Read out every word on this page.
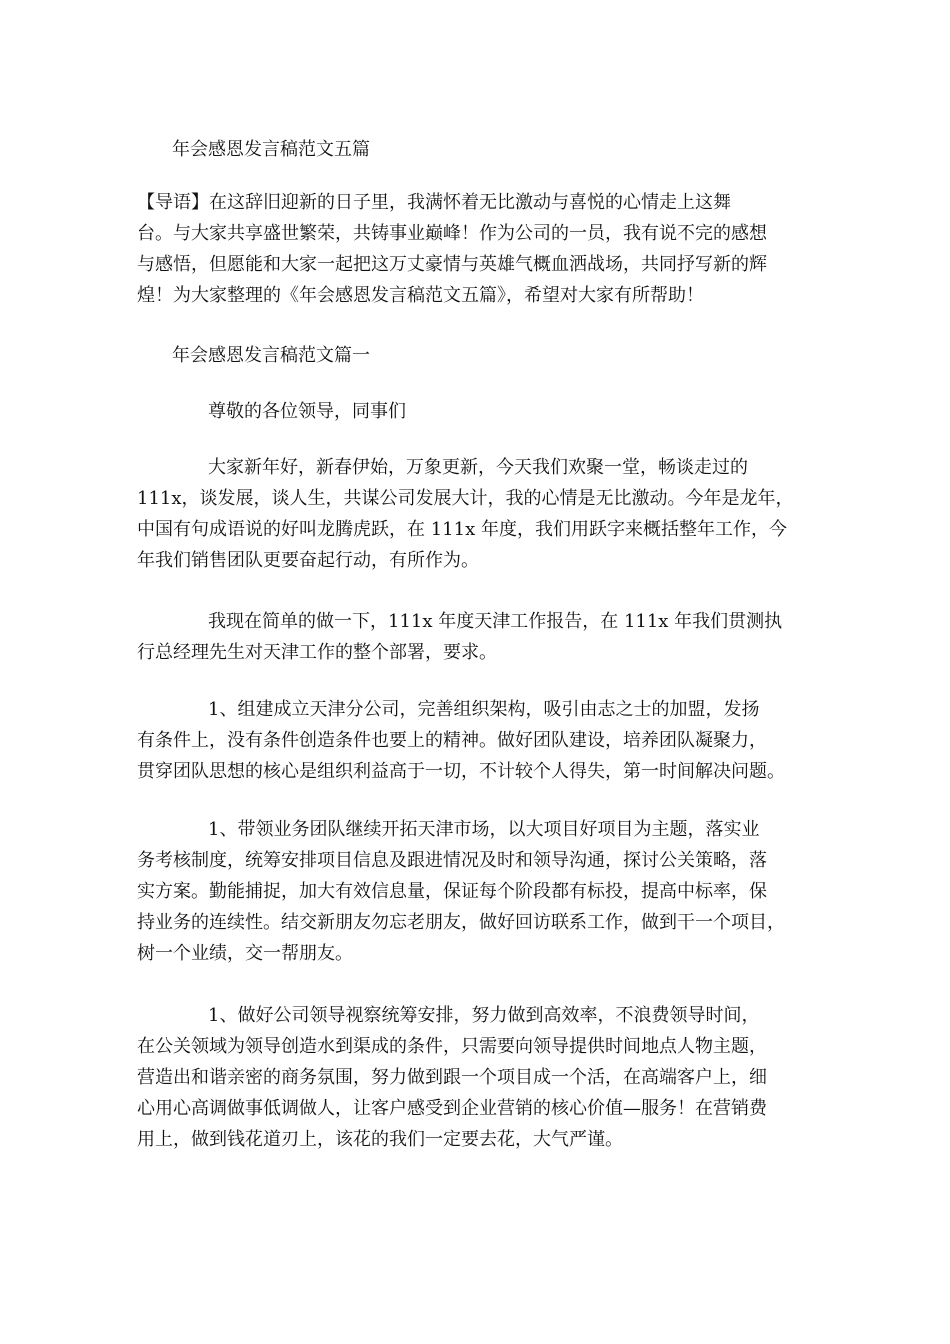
年会感恩发言稿范文五篇
【导语】在这辞旧迎新的日子里，我满怀着无比激动与喜悦的心情走上这舞
台。与大家共享盛世繁荣，共铸事业巅峰！作为公司的一员，我有说不完的感想
与感悟，但愿能和大家一起把这万丈豪情与英雄气概血洒战场，共同抒写新的辉
煌！为大家整理的《年会感恩发言稿范文五篇》，希望对大家有所帮助！
年会感恩发言稿范文篇一
尊敬的各位领导，同事们
大家新年好，新春伊始，万象更新，今天我们欢聚一堂，畅谈走过的
111x，谈发展，谈人生，共谋公司发展大计，我的心情是无比激动。今年是龙年，
中国有句成语说的好叫龙腾虎跃，在 111x 年度，我们用跃字来概括整年工作，今
年我们销售团队更要奋起行动，有所作为。
我现在简单的做一下，111x 年度天津工作报告，在 111x 年我们贯测执
行总经理先生对天津工作的整个部署，要求。
1、组建成立天津分公司，完善组织架构，吸引由志之士的加盟，发扬
有条件上，没有条件创造条件也要上的精神。做好团队建设，培养团队凝聚力，
贯穿团队思想的核心是组织利益高于一切，不计较个人得失，第一时间解决问题。
1、带领业务团队继续开拓天津市场，以大项目好项目为主题，落实业
务考核制度，统筹安排项目信息及跟进情况及时和领导沟通，探讨公关策略，落
实方案。勤能捕捉，加大有效信息量，保证每个阶段都有标投，提高中标率，保
持业务的连续性。结交新朋友勿忘老朋友，做好回访联系工作，做到干一个项目，
树一个业绩，交一帮朋友。
1、做好公司领导视察统筹安排，努力做到高效率，不浪费领导时间，
在公关领域为领导创造水到渠成的条件，只需要向领导提供时间地点人物主题，
营造出和谐亲密的商务氛围，努力做到跟一个项目成一个活，在高端客户上，细
心用心高调做事低调做人，让客户感受到企业营销的核心价值—服务！在营销费
用上，做到钱花道刃上，该花的我们一定要去花，大气严谨。
